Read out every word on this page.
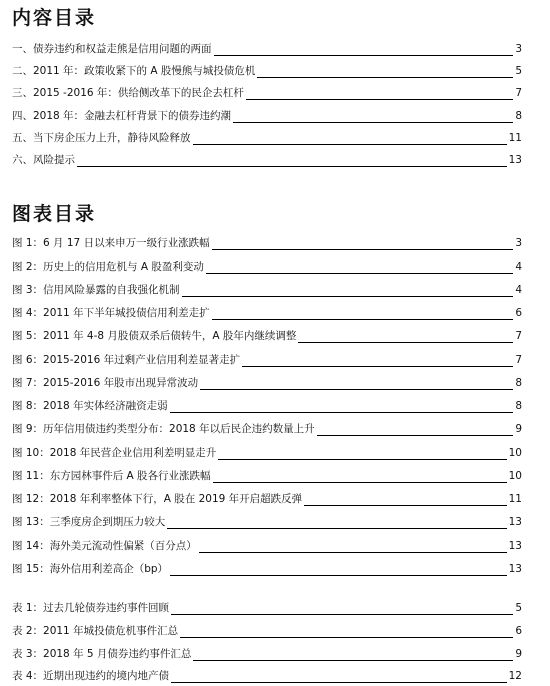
内容目录
一、债券违约和权益走熊是信用问题的两面	3
二、2011 年：政策收紧下的 A 股慢熊与城投债危机	5
三、2015 -2016 年：供给侧改革下的民企去杠杆	7
四、2018 年：金融去杠杆背景下的债券违约潮	8
五、当下房企压力上升，静待风险释放	11
六、风险提示	13
图表目录
图 1：6 月 17 日以来申万一级行业涨跌幅	3
图 2：历史上的信用危机与 A 股盈利变动	4
图 3：信用风险暴露的自我强化机制	4
图 4：2011 年下半年城投债信用利差走扩	6
图 5：2011 年 4-8 月股债双杀后债转牛，A 股年内继续调整	7
图 6：2015-2016 年过剩产业信用利差显著走扩	7
图 7：2015-2016 年股市出现异常波动	8
图 8：2018 年实体经济融资走弱	8
图 9：历年信用债违约类型分布：2018 年以后民企违约数量上升	9
图 10：2018 年民营企业信用利差明显走升	10
图 11：东方园林事件后 A 股各行业涨跌幅	10
图 12：2018 年利率整体下行，A 股在 2019 年开启超跌反弹	11
图 13：三季度房企到期压力较大	13
图 14：海外美元流动性偏紧（百分点）	13
图 15：海外信用利差高企（bp）	13
表 1：过去几轮债券违约事件回顾	5
表 2：2011 年城投债危机事件汇总	6
表 3：2018 年 5 月债券违约事件汇总	9
表 4：近期出现违约的境内地产债	12
